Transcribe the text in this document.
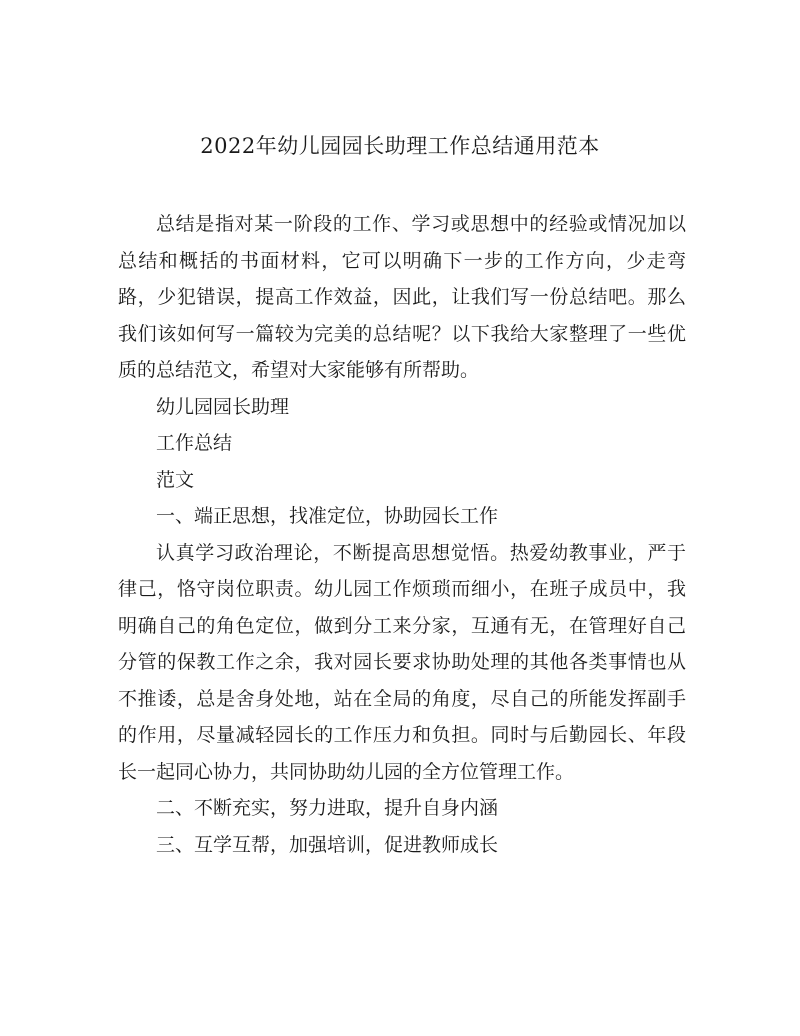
2022年幼儿园园长助理工作总结通用范本

总结是指对某一阶段的工作、学习或思想中的经验或情况加以总结和概括的书面材料，它可以明确下一步的工作方向，少走弯路，少犯错误，提高工作效益，因此，让我们写一份总结吧。那么我们该如何写一篇较为完美的总结呢？以下我给大家整理了一些优质的总结范文，希望对大家能够有所帮助。

幼儿园园长助理

工作总结

范文

一、端正思想，找准定位，协助园长工作

认真学习政治理论，不断提高思想觉悟。热爱幼教事业，严于律己，恪守岗位职责。幼儿园工作烦琐而细小，在班子成员中，我明确自己的角色定位，做到分工来分家，互通有无，在管理好自己分管的保教工作之余，我对园长要求协助处理的其他各类事情也从不推诿，总是舍身处地，站在全局的角度，尽自己的所能发挥副手的作用，尽量减轻园长的工作压力和负担。同时与后勤园长、年段长一起同心协力，共同协助幼儿园的全方位管理工作。

二、不断充实，努力进取，提升自身内涵

三、互学互帮，加强培训，促进教师成长
